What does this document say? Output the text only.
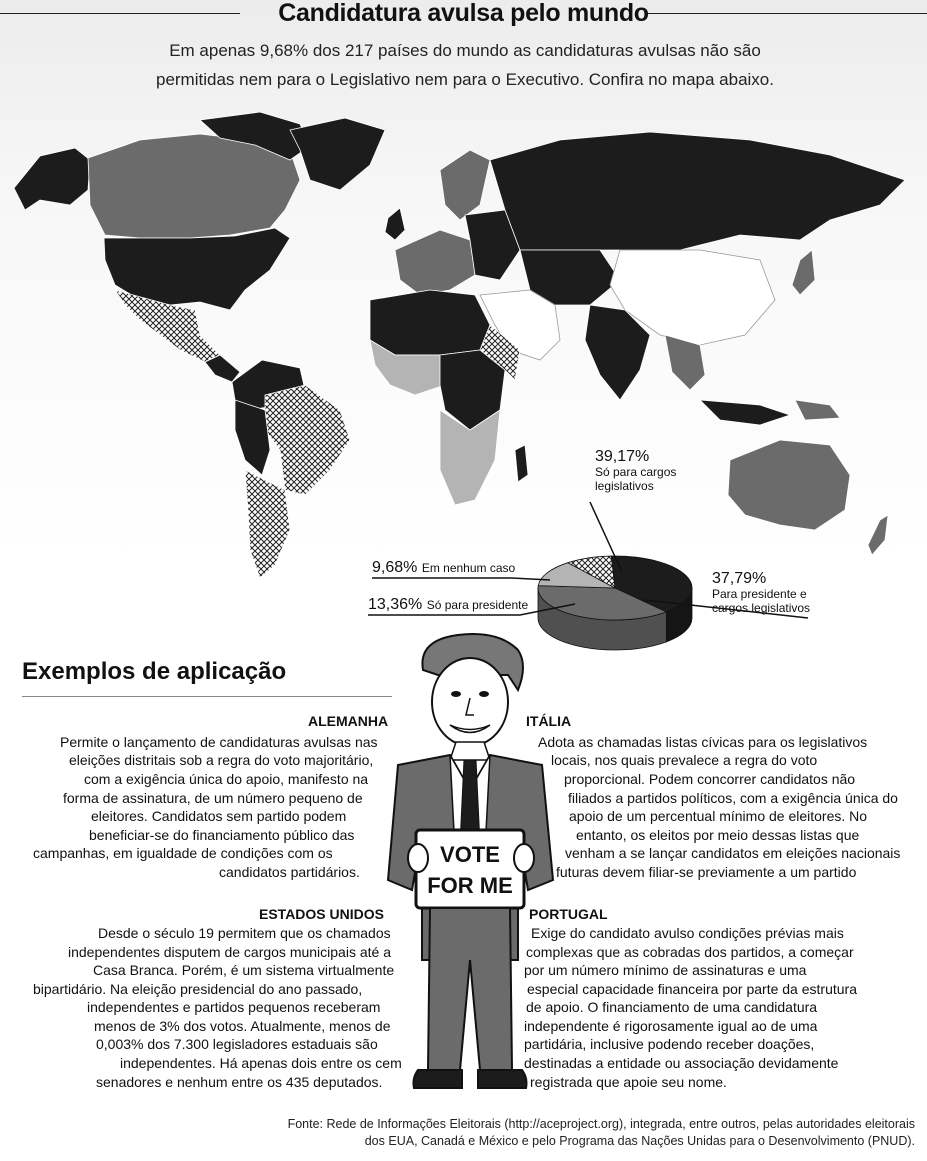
Candidatura avulsa pelo mundo
Em apenas 9,68% dos 217 países do mundo as candidaturas avulsas não são
permitidas nem para o Legislativo nem para o Executivo. Confira no mapa abaixo.
39,17%
Só para cargos
legislativos
37,79%
Para presidente e
cargos legislativos
9,68% Em nenhum caso
13,36% Só para presidente
Exemplos de aplicação
VOTE
FOR ME
ALEMANHA
Permite o lançamento de candidaturas avulsas nas
eleições distritais sob a regra do voto majoritário,
com a exigência única do apoio, manifesto na
forma de assinatura, de um número pequeno de
eleitores. Candidatos sem partido podem
beneficiar-se do financiamento público das
campanhas, em igualdade de condições com os
candidatos partidários.
ESTADOS UNIDOS
Desde o século 19 permitem que os chamados
independentes disputem de cargos municipais até a
Casa Branca. Porém, é um sistema virtualmente
bipartidário. Na eleição presidencial do ano passado,
independentes e partidos pequenos receberam
menos de 3% dos votos. Atualmente, menos de
0,003% dos 7.300 legisladores estaduais são
independentes. Há apenas dois entre os cem
senadores e nenhum entre os 435 deputados.
ITÁLIA
Adota as chamadas listas cívicas para os legislativos
locais, nos quais prevalece a regra do voto
proporcional. Podem concorrer candidatos não
filiados a partidos políticos, com a exigência única do
apoio de um percentual mínimo de eleitores. No
entanto, os eleitos por meio dessas listas que
venham a se lançar candidatos em eleições nacionais
futuras devem filiar-se previamente a um partido
PORTUGAL
Exige do candidato avulso condições prévias mais
complexas que as cobradas dos partidos, a começar
por um número mínimo de assinaturas e uma
especial capacidade financeira por parte da estrutura
de apoio. O financiamento de uma candidatura
independente é rigorosamente igual ao de uma
partidária, inclusive podendo receber doações,
destinadas a entidade ou associação devidamente
registrada que apoie seu nome.
Fonte: Rede de Informações Eleitorais (http://aceproject.org), integrada, entre outros, pelas autoridades eleitorais
dos EUA, Canadá e México e pelo Programa das Nações Unidas para o Desenvolvimento (PNUD).
